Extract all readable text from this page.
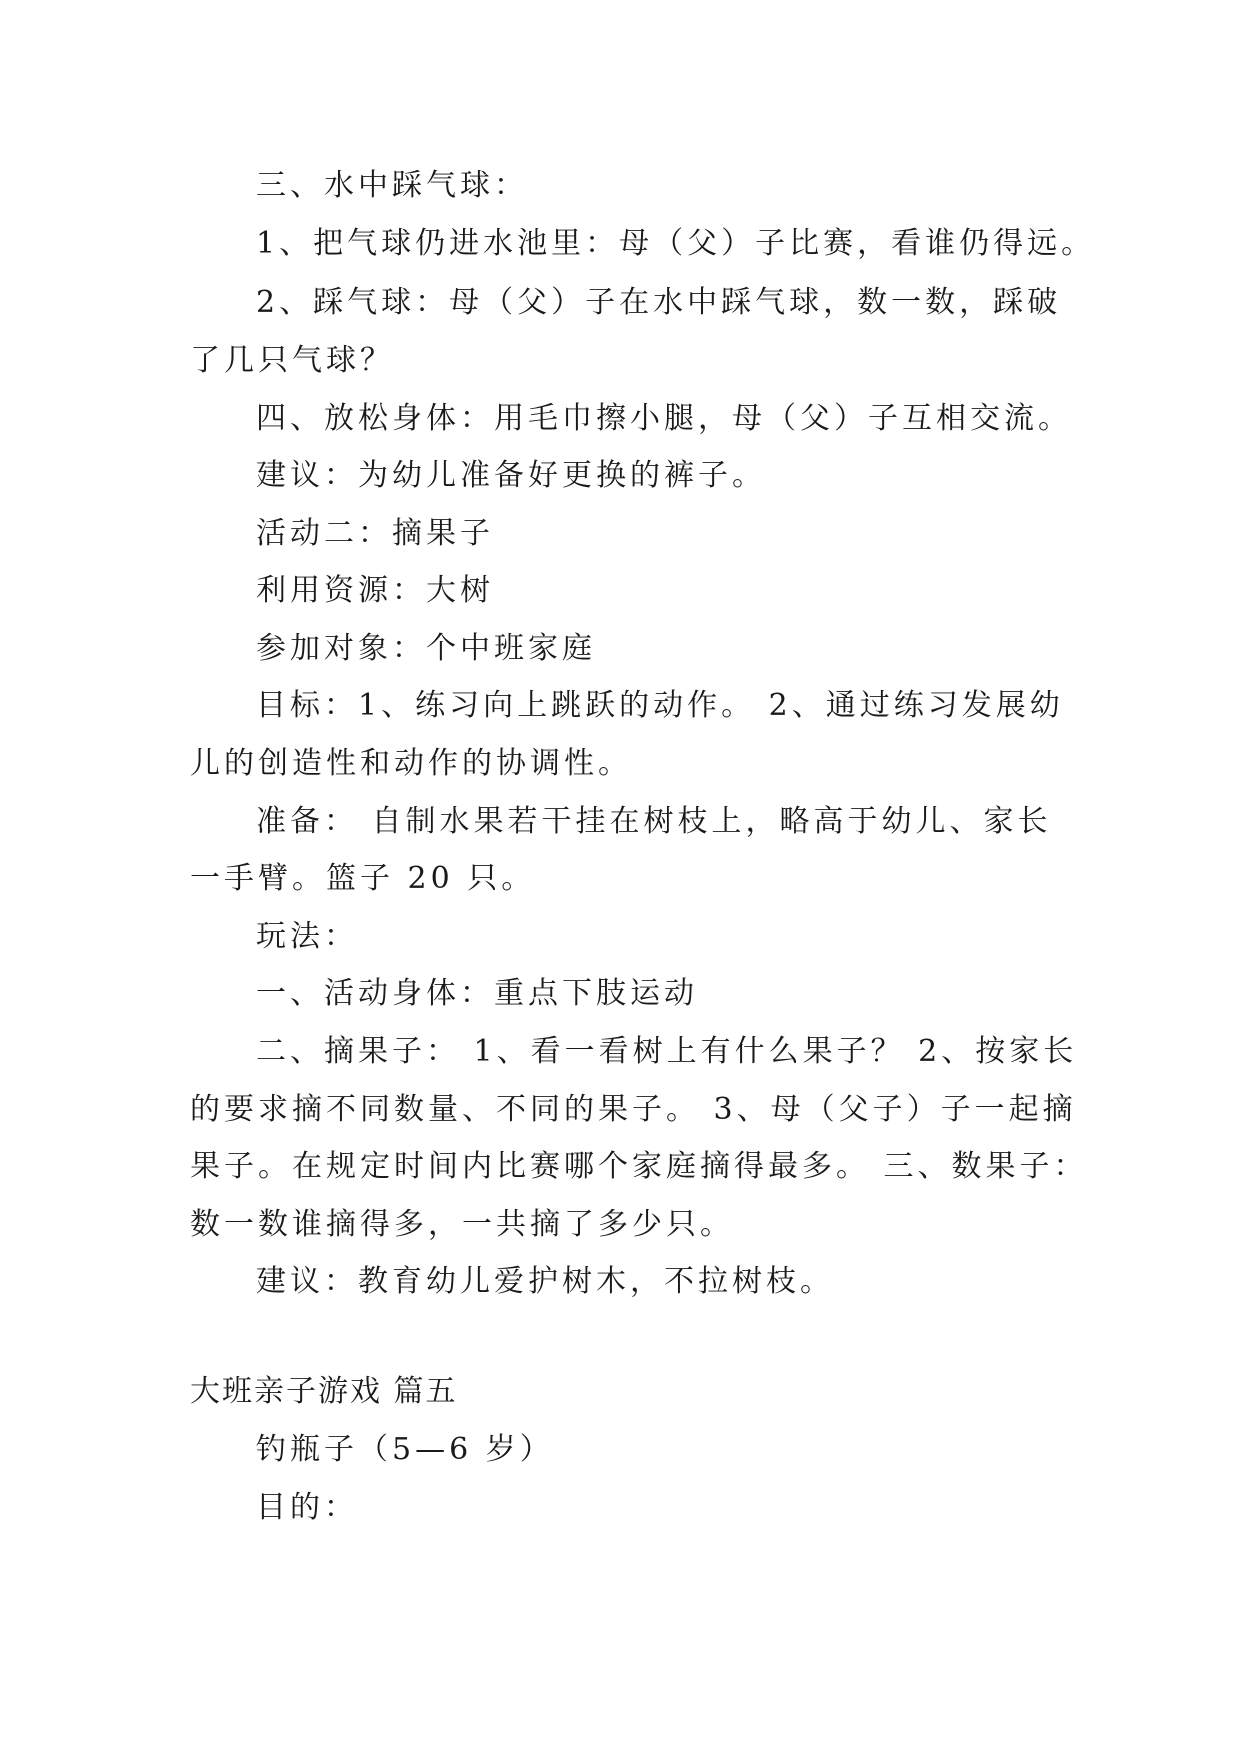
三、水中踩气球：
1、把气球仍进水池里：母（父）子比赛，看谁仍得远。
2、踩气球：母（父）子在水中踩气球，数一数，踩破
了几只气球？
四、放松身体：用毛巾擦小腿，母（父）子互相交流。
建议：为幼儿准备好更换的裤子。
活动二：摘果子
利用资源：大树
参加对象：个中班家庭
目标：1、练习向上跳跃的动作。 2、通过练习发展幼
儿的创造性和动作的协调性。
准备： 自制水果若干挂在树枝上，略高于幼儿、家长
一手臂。篮子 20 只。
玩法：
一、活动身体：重点下肢运动
二、摘果子： 1、看一看树上有什么果子？ 2、按家长
的要求摘不同数量、不同的果子。 3、母（父子）子一起摘
果子。在规定时间内比赛哪个家庭摘得最多。 三、数果子：
数一数谁摘得多，一共摘了多少只。
建议：教育幼儿爱护树木，不拉树枝。
大班亲子游戏 篇五
钓瓶子（5—6 岁）
目的：
